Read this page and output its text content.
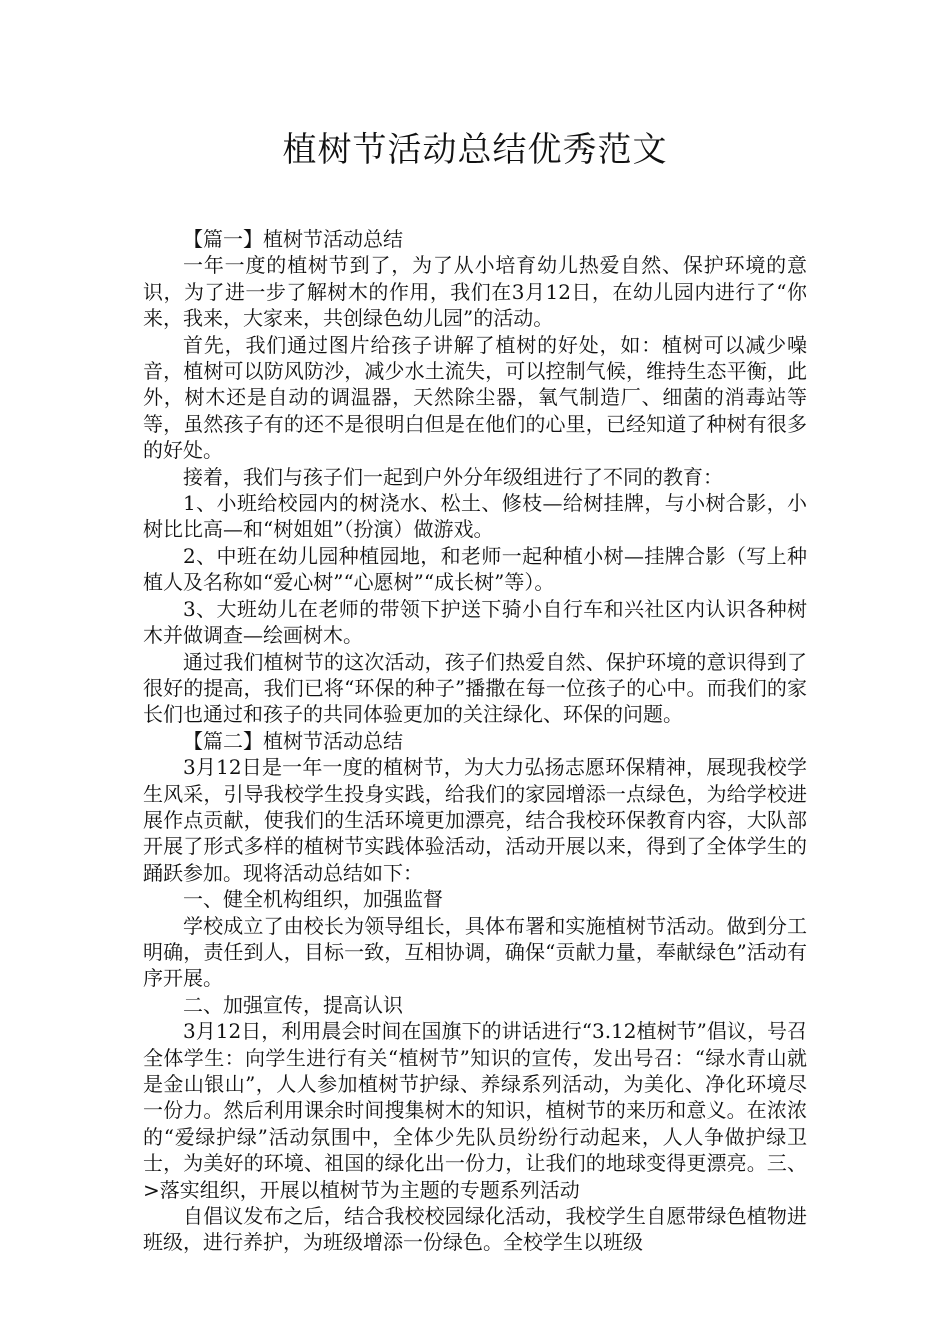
植树节活动总结优秀范文

【篇一】植树节活动总结

一年一度的植树节到了，为了从小培育幼儿热爱自然、保护环境的意识，为了进一步了解树木的作用，我们在3月12日，在幼儿园内进行了“你来，我来，大家来，共创绿色幼儿园”的活动。

首先，我们通过图片给孩子讲解了植树的好处，如：植树可以减少噪音，植树可以防风防沙，减少水土流失，可以控制气候，维持生态平衡，此外，树木还是自动的调温器，天然除尘器，氧气制造厂、细菌的消毒站等等，虽然孩子有的还不是很明白但是在他们的心里，已经知道了种树有很多的好处。

接着，我们与孩子们一起到户外分年级组进行了不同的教育：

1、小班给校园内的树浇水、松土、修枝—给树挂牌，与小树合影，小树比比高—和“树姐姐”（扮演）做游戏。

2、中班在幼儿园种植园地，和老师一起种植小树—挂牌合影（写上种植人及名称如“爱心树”“心愿树”“成长树”等）。

3、大班幼儿在老师的带领下护送下骑小自行车和兴社区内认识各种树木并做调查—绘画树木。

通过我们植树节的这次活动，孩子们热爱自然、保护环境的意识得到了很好的提高，我们已将“环保的种子”播撒在每一位孩子的心中。而我们的家长们也通过和孩子的共同体验更加的关注绿化、环保的问题。

【篇二】植树节活动总结

3月12日是一年一度的植树节，为大力弘扬志愿环保精神，展现我校学生风采，引导我校学生投身实践，给我们的家园增添一点绿色，为给学校进展作点贡献，使我们的生活环境更加漂亮，结合我校环保教育内容，大队部开展了形式多样的植树节实践体验活动，活动开展以来，得到了全体学生的踊跃参加。现将活动总结如下：

一、健全机构组织，加强监督

学校成立了由校长为领导组长，具体布署和实施植树节活动。做到分工明确，责任到人，目标一致，互相协调，确保“贡献力量，奉献绿色”活动有序开展。

二、加强宣传，提高认识

3月12日，利用晨会时间在国旗下的讲话进行“3.12植树节”倡议，号召全体学生：向学生进行有关“植树节”知识的宣传，发出号召：“绿水青山就是金山银山”，人人参加植树节护绿、养绿系列活动，为美化、净化环境尽一份力。然后利用课余时间搜集树木的知识，植树节的来历和意义。在浓浓的“爱绿护绿”活动氛围中，全体少先队员纷纷行动起来，人人争做护绿卫士，为美好的环境、祖国的绿化出一份力，让我们的地球变得更漂亮。三、>落实组织，开展以植树节为主题的专题系列活动

自倡议发布之后，结合我校校园绿化活动，我校学生自愿带绿色植物进班级，进行养护，为班级增添一份绿色。全校学生以班级
